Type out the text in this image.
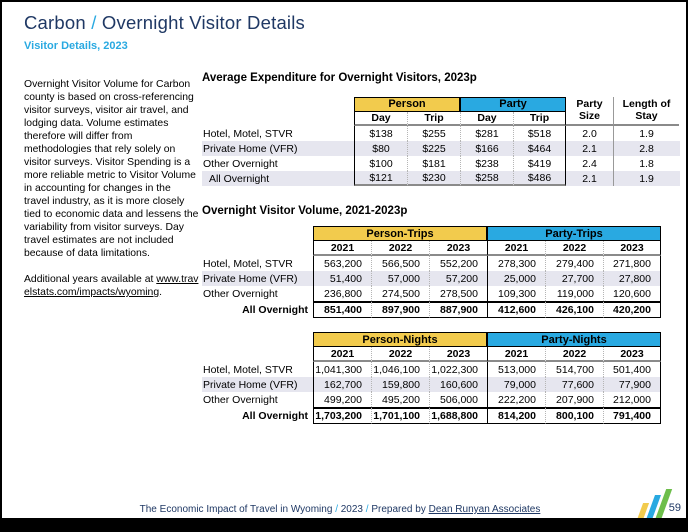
Carbon / Overnight Visitor Details
Visitor Details, 2023
Overnight Visitor Volume for Carbon county is based on cross-referencing visitor surveys, visitor air travel, and lodging data. Volume estimates therefore will differ from methodologies that rely solely on visitor surveys. Visitor Spending is a more reliable metric to Visitor Volume in accounting for changes in the travel industry, as it is more closely tied to economic data and lessens the variability from visitor surveys. Day travel estimates are not included because of data limitations.
Additional years available at www.travelstats.com/impacts/wyoming.
Average Expenditure for Overnight Visitors, 2023p
Person	Party
Day	Trip	Day	Trip
Party Size
Length of Stay
Hotel, Motel, STVR	$138	$255	$281	$518	2.0	1.9
Private Home (VFR)	$80	$225	$166	$464	2.1	2.8
Other Overnight	$100	$181	$238	$419	2.4	1.8
All Overnight	$121	$230	$258	$486	2.1	1.9
Overnight Visitor Volume, 2021-2023p
Person-Trips	Party-Trips
2021	2022	2023	2021	2022	2023
Hotel, Motel, STVR	563,200	566,500	552,200	278,300	279,400	271,800
Private Home (VFR)	51,400	57,000	57,200	25,000	27,700	27,800
Other Overnight	236,800	274,500	278,500	109,300	119,000	120,600
All Overnight	851,400	897,900	887,900	412,600	426,100	420,200
Person-Nights	Party-Nights
2021	2022	2023	2021	2022	2023
Hotel, Motel, STVR	1,041,300	1,046,100	1,022,300	513,000	514,700	501,400
Private Home (VFR)	162,700	159,800	160,600	79,000	77,600	77,900
Other Overnight	499,200	495,200	506,000	222,200	207,900	212,000
All Overnight 1,703,200	1,701,100	1,688,800	814,200	800,100	791,400
The Economic Impact of Travel in Wyoming / 2023 / Prepared by Dean Runyan Associates	59
